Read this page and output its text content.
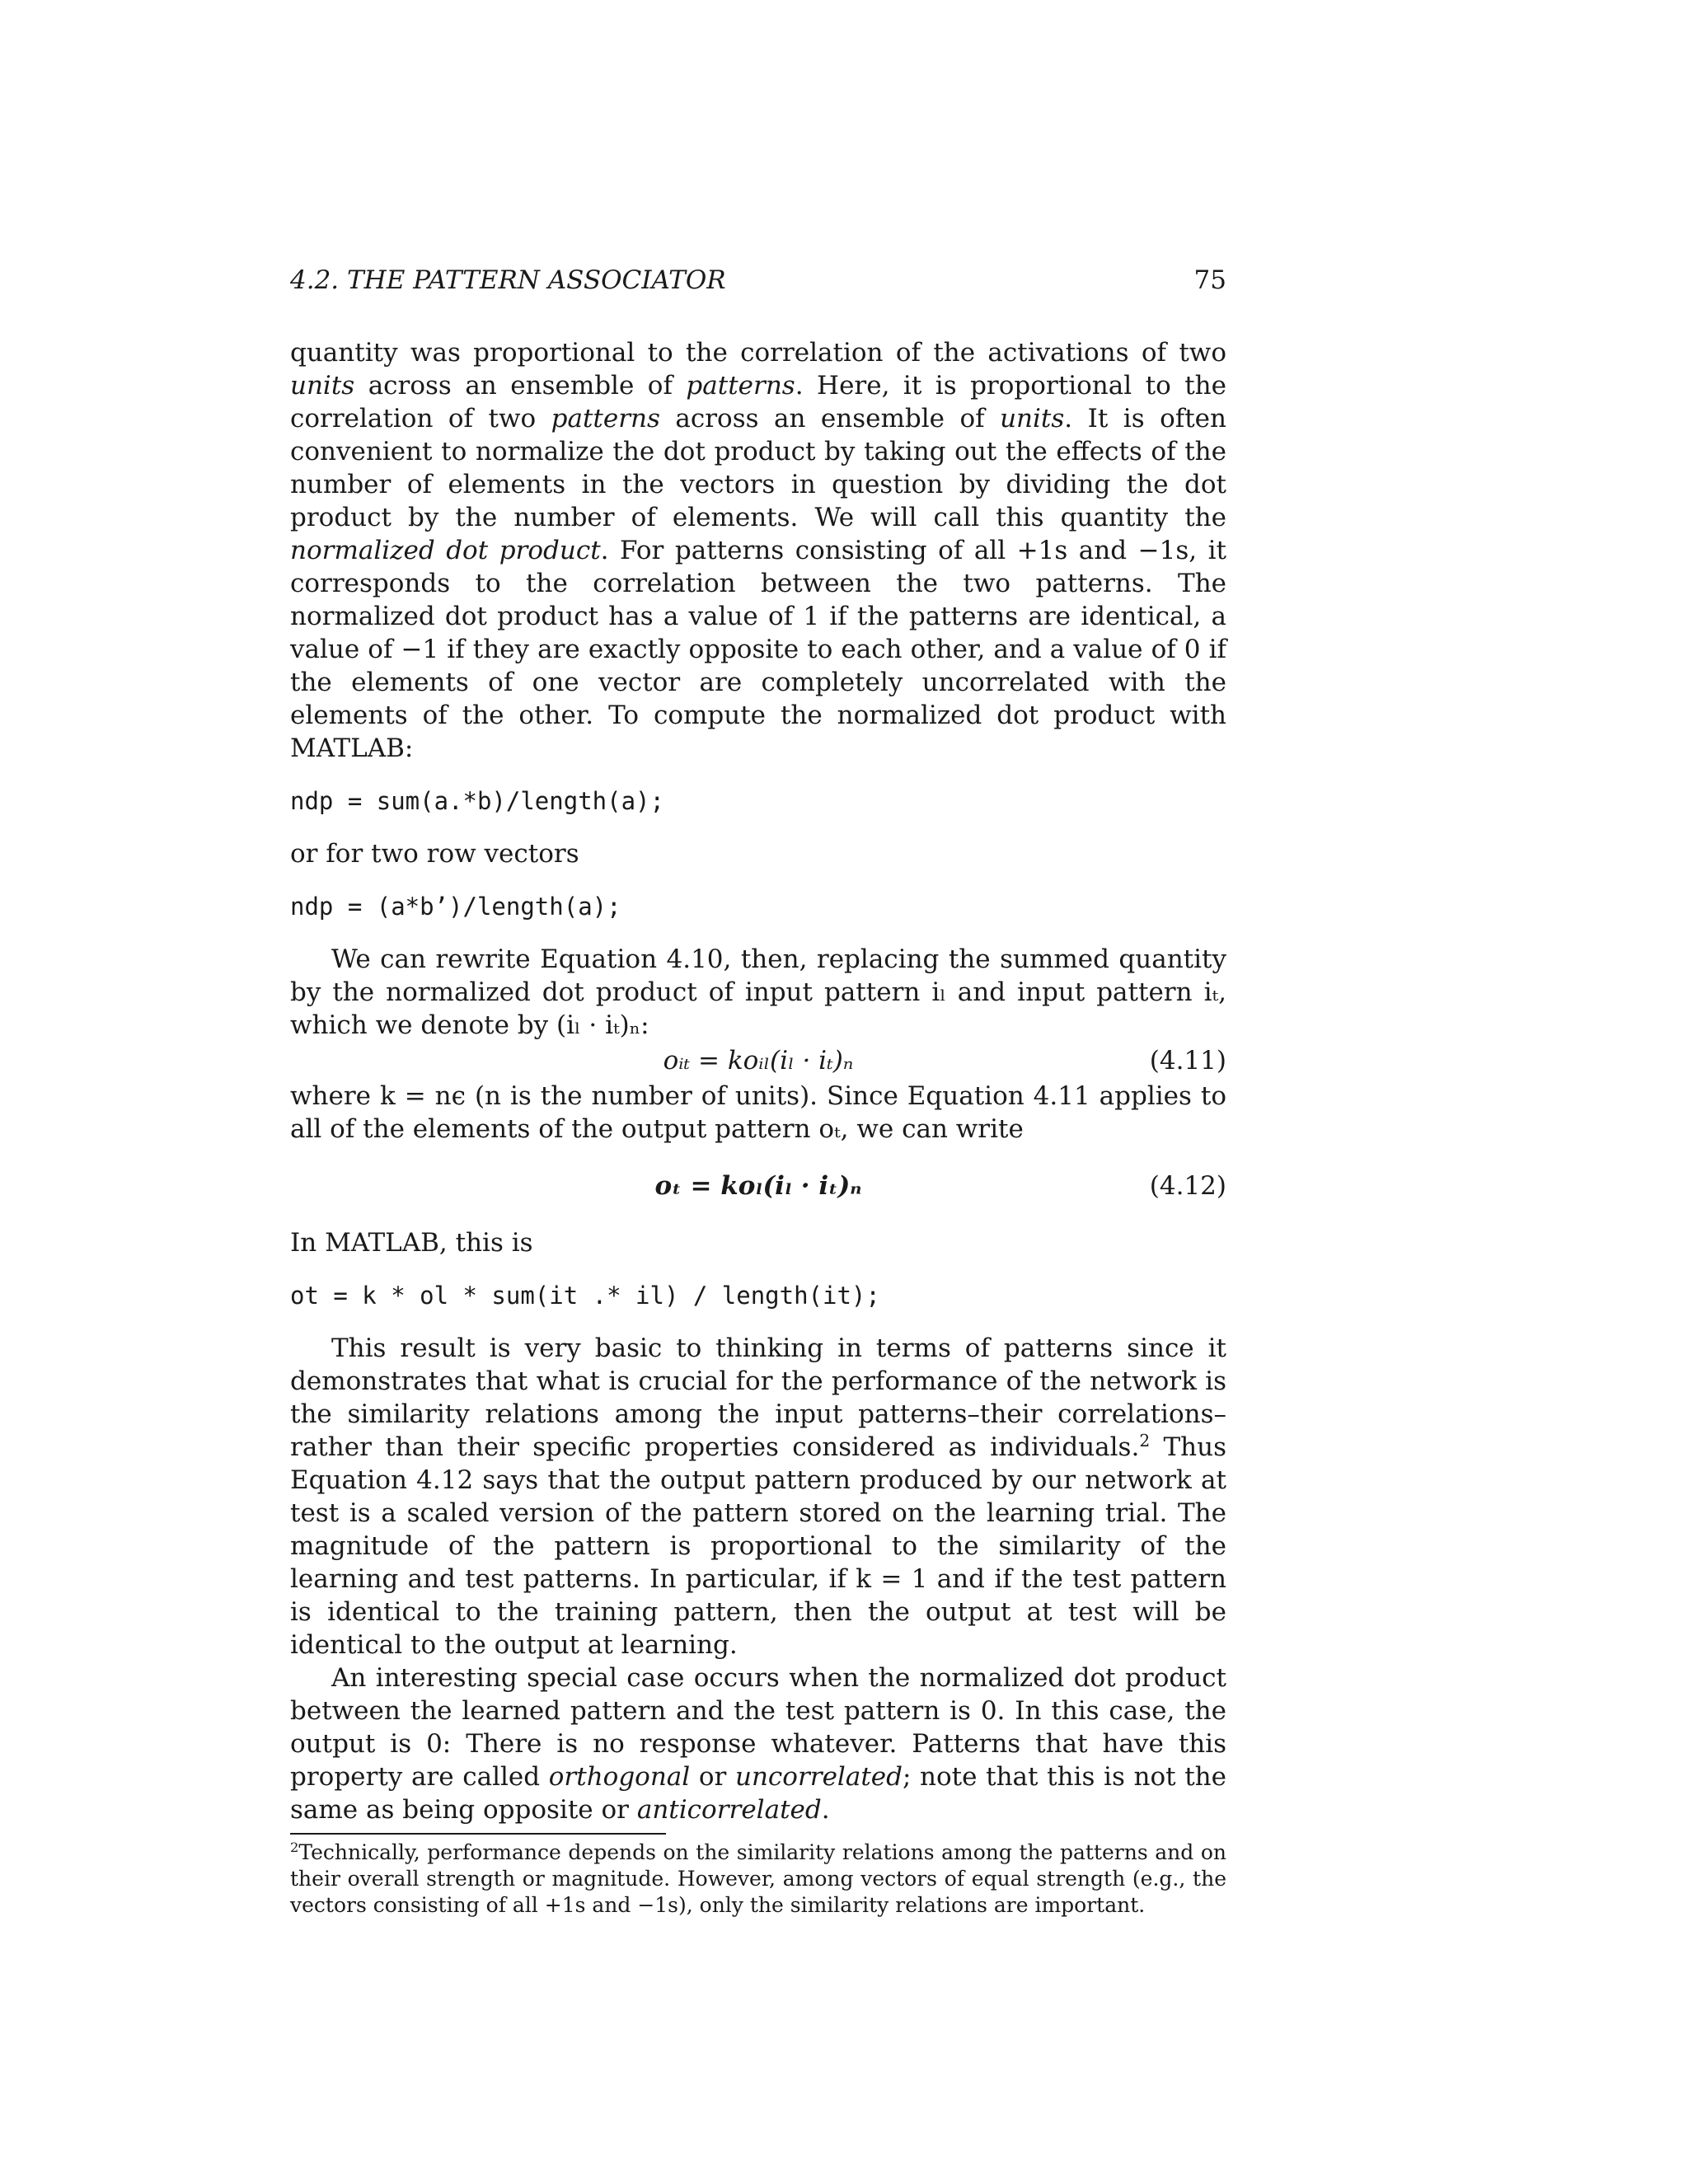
4.2. THE PATTERN ASSOCIATOR	75

quantity was proportional to the correlation of the activations of two units across an ensemble of patterns. Here, it is proportional to the correlation of two patterns across an ensemble of units. It is often convenient to normalize the dot product by taking out the effects of the number of elements in the vectors in question by dividing the dot product by the number of elements. We will call this quantity the normalized dot product. For patterns consisting of all +1s and −1s, it corresponds to the correlation between the two patterns. The normalized dot product has a value of 1 if the patterns are identical, a value of −1 if they are exactly opposite to each other, and a value of 0 if the elements of one vector are completely uncorrelated with the elements of the other. To compute the normalized dot product with MATLAB:

ndp = sum(a.*b)/length(a);

or for two row vectors

ndp = (a*b’)/length(a);

We can rewrite Equation 4.10, then, replacing the summed quantity by the normalized dot product of input pattern iₗ and input pattern iₜ, which we denote by (iₗ · iₜ)ₙ:

oᵢₜ = koᵢₗ(iₗ · iₜ)ₙ	(4.11)

where k = nϵ (n is the number of units). Since Equation 4.11 applies to all of the elements of the output pattern oₜ, we can write

oₜ = koₗ(iₗ · iₜ)ₙ	(4.12)

In MATLAB, this is

ot = k * ol * sum(it .* il) / length(it);

This result is very basic to thinking in terms of patterns since it demonstrates that what is crucial for the performance of the network is the similarity relations among the input patterns–their correlations–rather than their specific properties considered as individuals.$^2$ Thus Equation 4.12 says that the output pattern produced by our network at test is a scaled version of the pattern stored on the learning trial. The magnitude of the pattern is proportional to the similarity of the learning and test patterns. In particular, if k = 1 and if the test pattern is identical to the training pattern, then the output at test will be identical to the output at learning.

An interesting special case occurs when the normalized dot product between the learned pattern and the test pattern is 0. In this case, the output is 0: There is no response whatever. Patterns that have this property are called orthogonal or uncorrelated; note that this is not the same as being opposite or anticorrelated.

$^2$Technically, performance depends on the similarity relations among the patterns and on their overall strength or magnitude. However, among vectors of equal strength (e.g., the vectors consisting of all +1s and −1s), only the similarity relations are important.
